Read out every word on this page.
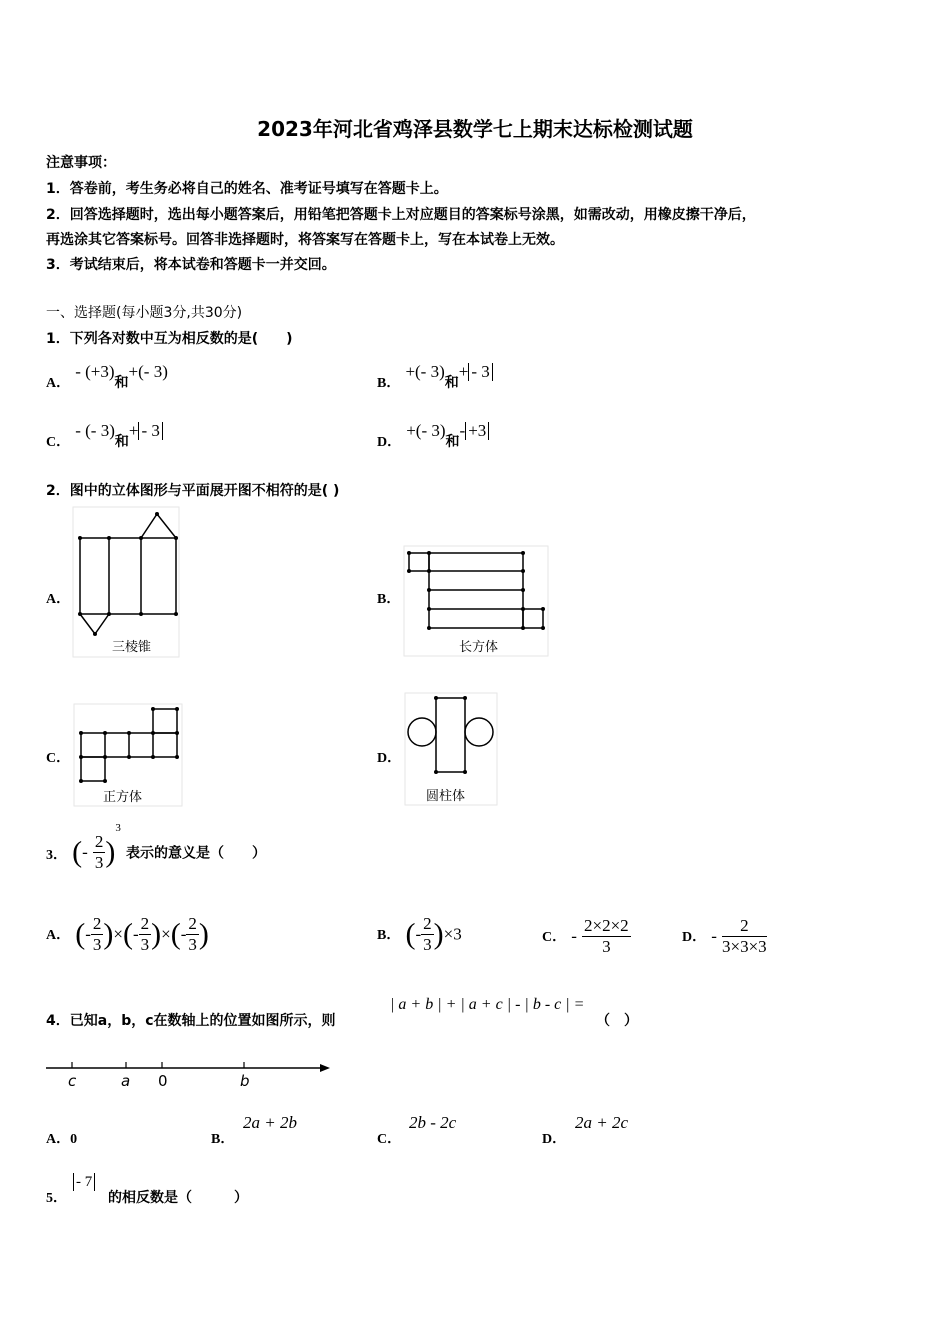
2023年河北省鸡泽县数学七上期末达标检测试题
注意事项：
1．答卷前，考生务必将自己的姓名、准考证号填写在答题卡上。
2．回答选择题时，选出每小题答案后，用铅笔把答题卡上对应题目的答案标号涂黑，如需改动，用橡皮擦干净后，
再选涂其它答案标号。回答非选择题时，将答案写在答题卡上，写在本试卷上无效。
3．考试结束后，将本试卷和答题卡一并交回。
一、选择题(每小题3分,共30分)
1．下列各对数中互为相反数的是(　　)
A． - (+3)和+(- 3)
B． +(- 3)和+ - 3
C． - (- 3)和+ - 3
D． +(- 3)和- +3
2．图中的立体图形与平面展开图不相符的是( )
A．
三棱锥
B．
长方体
C．
正方体
D．
圆柱体
3． (- $\frac{2}{3} )^3$ 表示的意义是（　　）
A． (- $\frac{2}{3}$ )×(- $\frac{2}{3}$ )×(- $\frac{2}{3}$ )	B． (- $\frac{2}{3} )\times 3$	C． - $\frac{2\times 2\times 2}{3}$	D． - $\frac{2}{3\times 3\times 3}$
4．已知a，b，c在数轴上的位置如图所示，则
| a + b | + | a + c | - | b - c | =
（　）
c	a 0	b
A．0	B．
2a + 2b
C．
2b - 2c
D．
2a + 2c
5．
- 7
的相反数是（　　　）
